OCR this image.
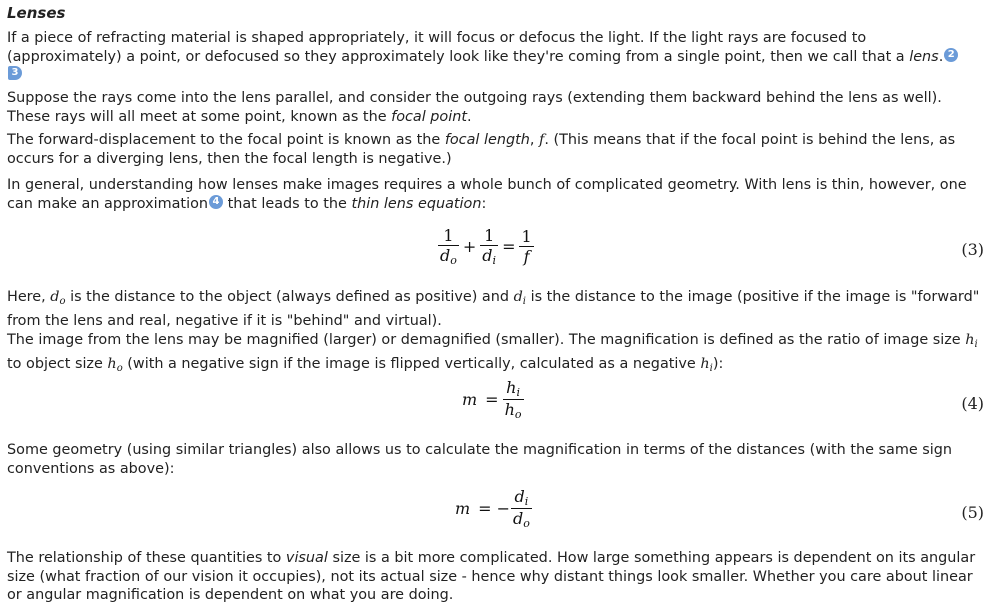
Lenses
If a piece of refracting material is shaped appropriately, it will focus or defocus the light. If the light rays are focused to (approximately) a point, or defocused so they approximately look like they're coming from a single point, then we call that a lens. 2
3
Suppose the rays come into the lens parallel, and consider the outgoing rays (extending them backward behind the lens as well). These rays will all meet at some point, known as the focal point.
The forward-displacement to the focal point is known as the focal length, f. (This means that if the focal point is behind the lens, as occurs for a diverging lens, then the focal length is negative.)
In general, understanding how lenses make images requires a whole bunch of complicated geometry. With lens is thin, however, one can make an approximation 4 that leads to the thin lens equation:
$\frac{1}{do} + \frac{1}{di} = \frac{1}{f}$	(3)
Here, $d_o$ is the distance to the object (always defined as positive) and $d_i$ is the distance to the image (positive if the image is "forward" from the lens and real, negative if it is "behind" and virtual).
The image from the lens may be magnified (larger) or demagnified (smaller). The magnification is defined as the ratio of image size $h_i$ to object size $h_o$ (with a negative sign if the image is flipped vertically, calculated as a negative $h_i$):
$m = \frac{hi}{ho}$	(4)
Some geometry (using similar triangles) also allows us to calculate the magnification in terms of the distances (with the same sign conventions as above):
m = − $\frac{di}{do}$	(5)
The relationship of these quantities to visual size is a bit more complicated. How large something appears is dependent on its angular size (what fraction of our vision it occupies), not its actual size - hence why distant things look smaller. Whether you care about linear or angular magnification is dependent on what you are doing.
